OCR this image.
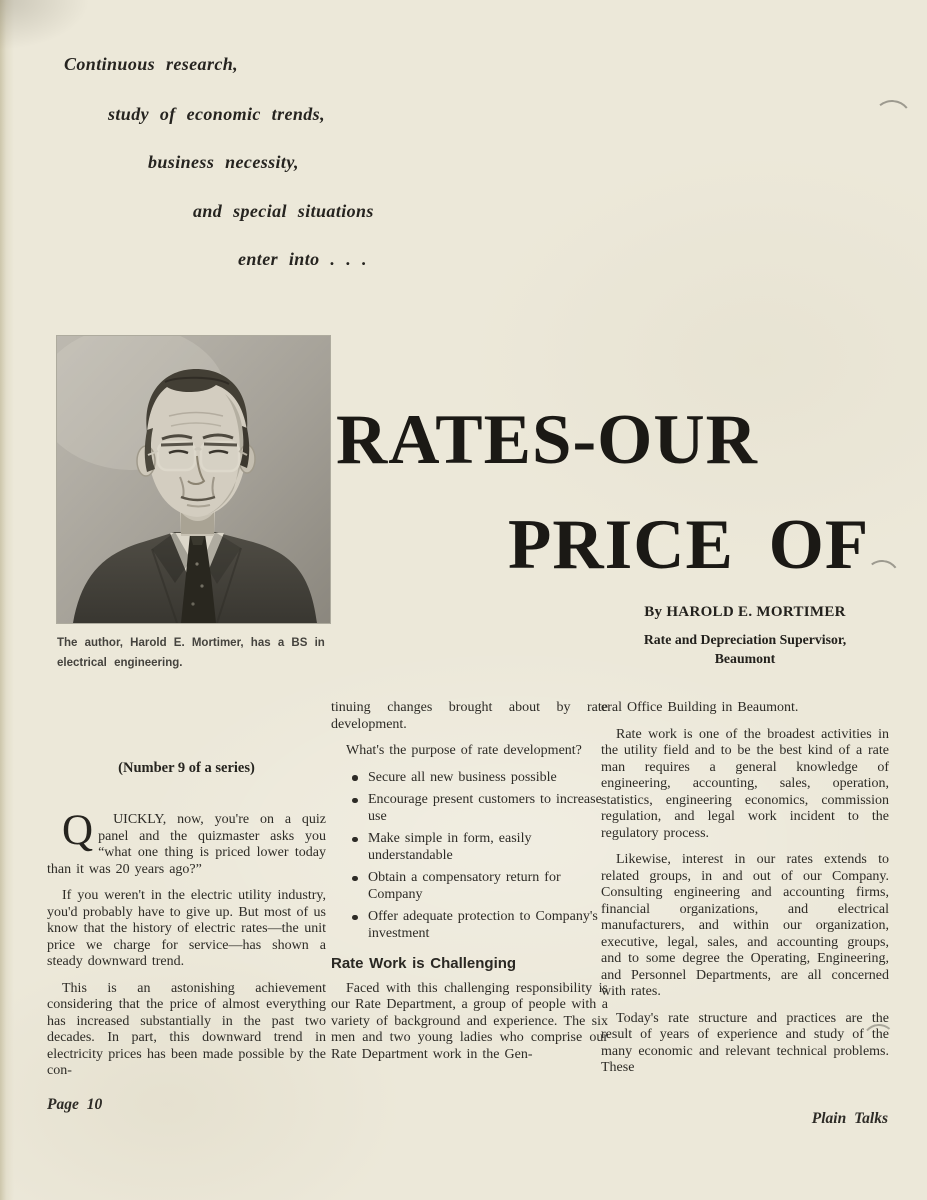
Continuous research,
study of economic trends,
business necessity,
and special situations
enter into . . .
The author, Harold E. Mortimer, has a BS in electrical engineering.
RATES-OUR
PRICE OF
By HAROLD E. MORTIMER
Rate and Depreciation Supervisor,
Beaumont
(Number 9 of a series)

Q	UICKLY, now, you're on a quiz panel and the quizmaster asks you “what one thing is priced lower today than it was 20 years ago?”

If you weren't in the electric utility industry, you'd probably have to give up. But most of us know that the history of electric rates—the unit price we charge for service—has shown a steady downward trend.

This is an astonishing achievement considering that the price of almost everything has increased substantially in the past two decades. In part, this downward trend in electricity prices has been made possible by the con-

tinuing changes brought about by rate development.

What's the purpose of rate development?

Secure all new business possible
Encourage present customers to increase use
Make simple in form, easily understandable
Obtain a compensatory return for Company
Offer adequate protection to Company's investment
Rate Work is Challenging

Faced with this challenging responsibility is our Rate Department, a group of people with a variety of background and experience. The six men and two young ladies who comprise our Rate Department work in the Gen-

eral Office Building in Beaumont.

Rate work is one of the broadest activities in the utility field and to be the best kind of a rate man requires a general knowledge of engineering, accounting, sales, operation, statistics, engineering economics, commission regulation, and legal work incident to the regulatory process.

Likewise, interest in our rates extends to related groups, in and out of our Company. Consulting engineering and accounting firms, financial organizations, and electrical manufacturers, and within our organization, executive, legal, sales, and accounting groups, and to some degree the Operating, Engineering, and Personnel Departments, are all concerned with rates.

Today's rate structure and practices are the result of years of experience and study of the many economic and relevant technical problems. These

Page 10
Plain Talks
